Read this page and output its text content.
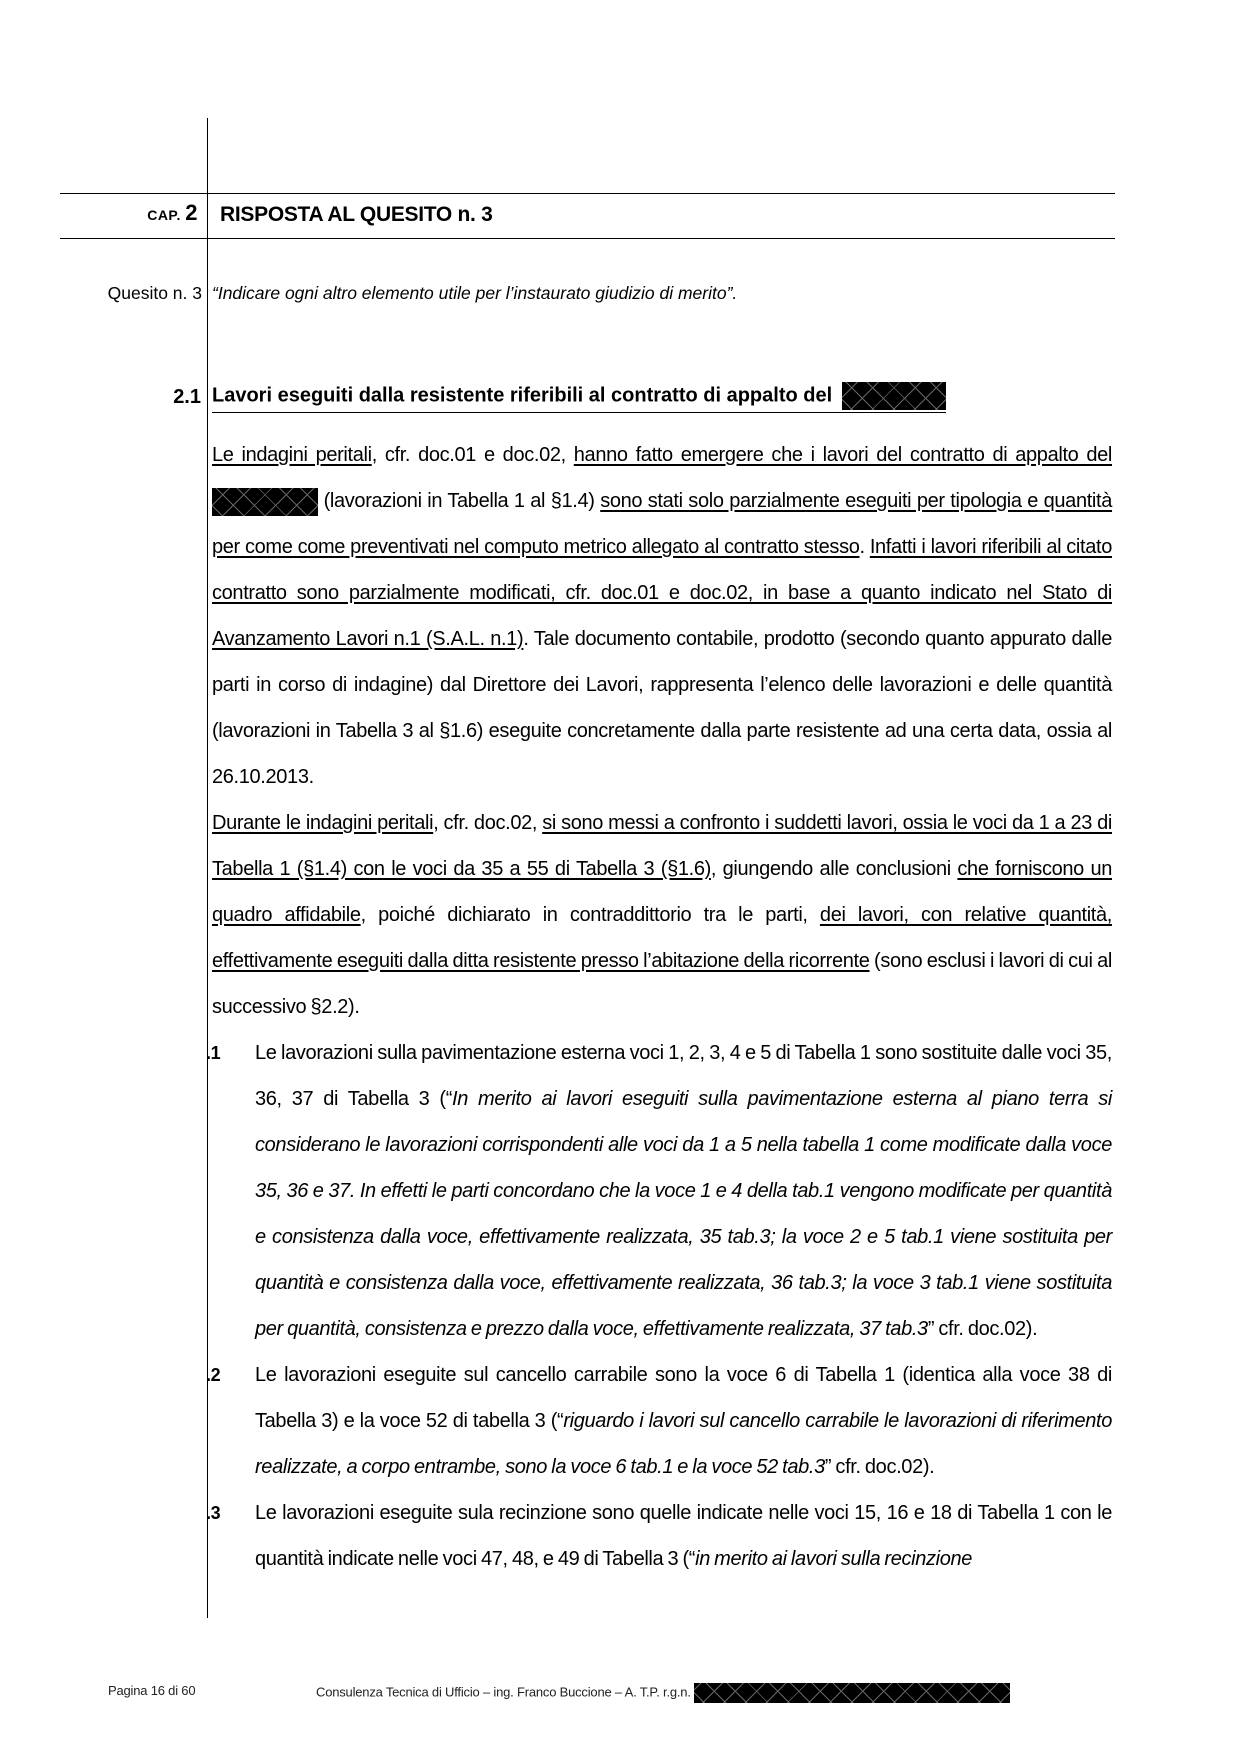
CAP. 2 RISPOSTA AL QUESITO n. 3
Quesito n. 3 “Indicare ogni altro elemento utile per l’instaurato giudizio di merito”.
2.1 Lavori eseguiti dalla resistente riferibili al contratto di appalto del

Le indagini peritali, cfr. doc.01 e doc.02, hanno fatto emergere che i lavori del contratto di appalto del  (lavorazioni in Tabella 1 al §1.4) sono stati solo parzialmente eseguiti per tipologia e quantità per come come preventivati nel computo metrico allegato al contratto stesso. Infatti i lavori riferibili al citato contratto sono parzialmente modificati, cfr. doc.01 e doc.02, in base a quanto indicato nel Stato di Avanzamento Lavori n.1 (S.A.L. n.1). Tale documento contabile, prodotto (secondo quanto appurato dalle parti in corso di indagine) dal Direttore dei Lavori, rappresenta l’elenco delle lavorazioni e delle quantità (lavorazioni in Tabella 3 al §1.6) eseguite concretamente dalla parte resistente ad una certa data, ossia al 26.10.2013.

Durante le indagini peritali, cfr. doc.02, si sono messi a confronto i suddetti lavori, ossia le voci da 1 a 23 di Tabella 1 (§1.4) con le voci da 35 a 55 di Tabella 3 (§1.6), giungendo alle conclusioni che forniscono un quadro affidabile, poiché dichiarato in contraddittorio tra le parti, dei lavori, con relative quantità, effettivamente eseguiti dalla ditta resistente presso l’abitazione della ricorrente (sono esclusi i lavori di cui al successivo §2.2).

.1 Le lavorazioni sulla pavimentazione esterna voci 1, 2, 3, 4 e 5 di Tabella 1 sono sostituite dalle voci 35, 36, 37 di Tabella 3 (“In merito ai lavori eseguiti sulla pavimentazione esterna al piano terra si considerano le lavorazioni corrispondenti alle voci da 1 a 5 nella tabella 1 come modificate dalla voce 35, 36 e 37. In effetti le parti concordano che la voce 1 e 4 della tab.1 vengono modificate per quantità e consistenza dalla voce, effettivamente realizzata, 35 tab.3; la voce 2 e 5 tab.1 viene sostituita per quantità e consistenza dalla voce, effettivamente realizzata, 36 tab.3; la voce 3 tab.1 viene sostituita per quantità, consistenza e prezzo dalla voce, effettivamente realizzata, 37 tab.3” cfr. doc.02).

.2 Le lavorazioni eseguite sul cancello carrabile sono la voce 6 di Tabella 1 (identica alla voce 38 di Tabella 3) e la voce 52 di tabella 3 (“riguardo i lavori sul cancello carrabile le lavorazioni di riferimento realizzate, a corpo entrambe, sono la voce 6 tab.1 e la voce 52 tab.3” cfr. doc.02).

.3 Le lavorazioni eseguite sula recinzione sono quelle indicate nelle voci 15, 16 e 18 di Tabella 1 con le quantità indicate nelle voci 47, 48, e 49 di Tabella 3 (“in merito ai lavori sulla recinzione

Pagina 16 di 60	Consulenza Tecnica di Ufficio – ing. Franco Buccione – A. T.P. r.g.n.
